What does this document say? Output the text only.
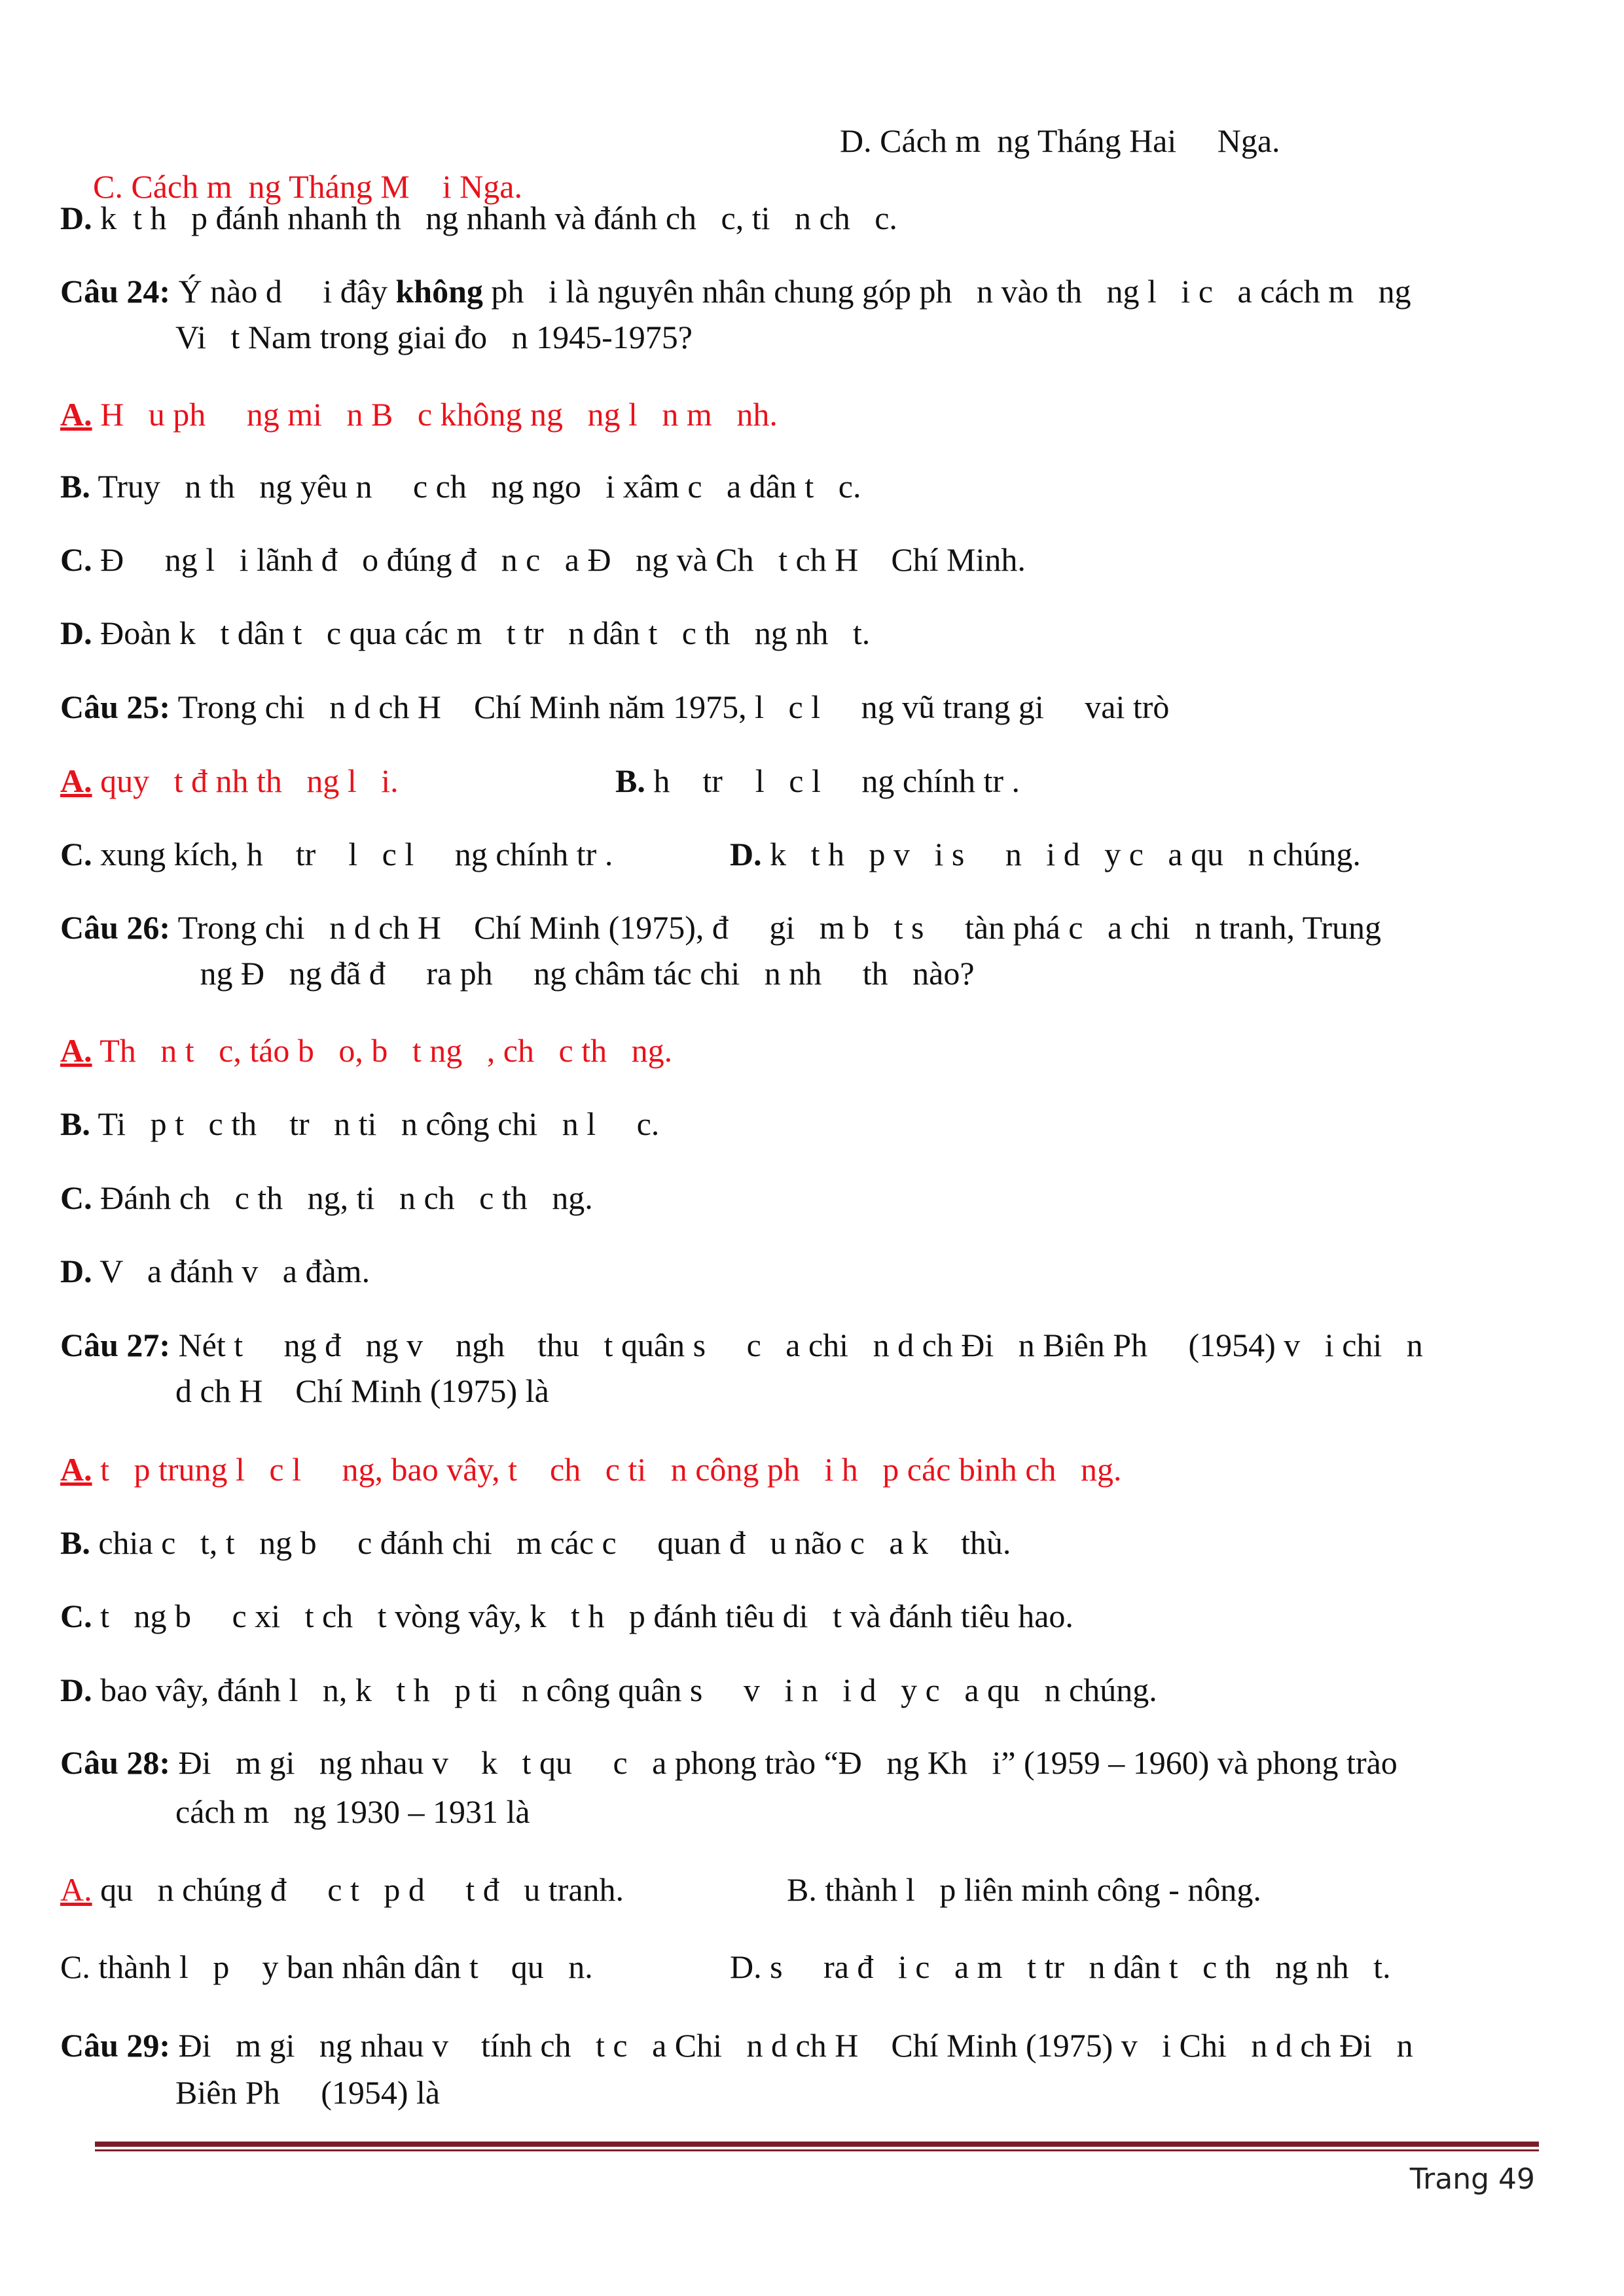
C. Cách m  ng Tháng M    i Nga.

D. Cách m  ng Tháng Hai     Nga.
D. k  t h   p đánh nhanh th   ng nhanh và đánh ch   c, ti   n ch   c.
Câu 24: Ý nào d     i đây không ph   i là nguyên nhân chung góp ph   n vào th   ng l   i c   a cách m   ng
Vi   t Nam trong giai đo   n 1945-1975?
A. H   u ph     ng mi   n B   c không ng   ng l   n m   nh.
B. Truy   n th   ng yêu n     c ch   ng ngo   i xâm c   a dân t   c.
C. Đ     ng l   i lãnh đ   o đúng đ   n c   a Đ   ng và Ch   t ch H    Chí Minh.
D. Đoàn k   t dân t   c qua các m   t tr   n dân t   c th   ng nh   t.
Câu 25: Trong chi   n d ch H    Chí Minh năm 1975, l   c l     ng vũ trang gi     vai trò
A. quy   t đ nh th   ng l   i.	B. h    tr    l   c l     ng chính tr .
C. xung kích, h    tr    l   c l     ng chính tr .	D. k   t h   p v   i s     n   i d   y c   a qu   n chúng.
Câu 26: Trong chi   n d ch H    Chí Minh (1975), đ     gi   m b   t s     tàn phá c   a chi   n tranh, Trung
ng Đ   ng đã đ     ra ph     ng châm tác chi   n nh     th   nào?
A. Th   n t   c, táo b   o, b   t ng   , ch   c th   ng.
B. Ti   p t   c th    tr   n ti   n công chi   n l     c.
C. Đánh ch   c th   ng, ti   n ch   c th   ng.
D. V   a đánh v   a đàm.
Câu 27: Nét t     ng đ   ng v    ngh    thu   t quân s     c   a chi   n d ch Đi   n Biên Ph     (1954) v   i chi   n
d ch H    Chí Minh (1975) là
A. t   p trung l   c l     ng, bao vây, t    ch   c ti   n công ph   i h   p các binh ch   ng.
B. chia c   t, t   ng b     c đánh chi   m các c     quan đ   u não c   a k    thù.
C. t   ng b     c xi   t ch   t vòng vây, k   t h   p đánh tiêu di   t và đánh tiêu hao.
D. bao vây, đánh l   n, k   t h   p ti   n công quân s     v   i n   i d   y c   a qu   n chúng.
Câu 28: Đi   m gi   ng nhau v    k   t qu     c   a phong trào “Đ   ng Kh   i” (1959 – 1960) và phong trào
cách m   ng 1930 – 1931 là
A. qu   n chúng đ     c t   p d     t đ   u tranh.	B. thành l   p liên minh công - nông.
C. thành l   p    y ban nhân dân t    qu   n.	D. s     ra đ   i c   a m   t tr   n dân t   c th   ng nh   t.
Câu 29: Đi   m gi   ng nhau v    tính ch   t c   a Chi   n d ch H    Chí Minh (1975) v   i Chi   n d ch Đi   n
Biên Ph     (1954) là
Trang 49
